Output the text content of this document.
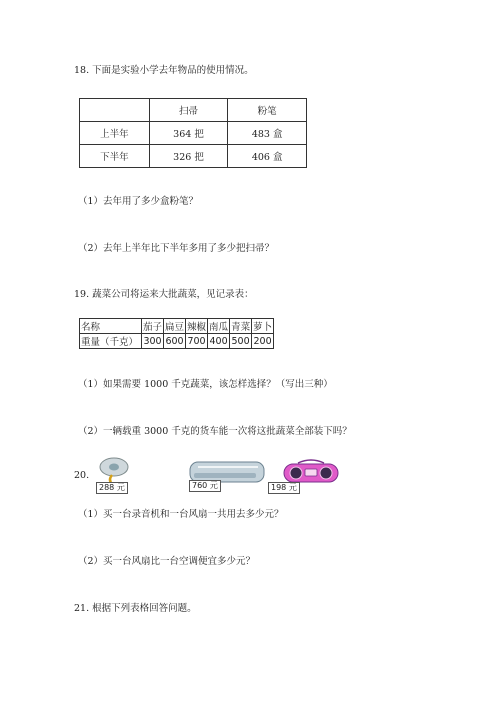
18. 下面是实验小学去年物品的使用情况。
	扫帚	粉笔
上半年	364 把	483 盒
下半年	326 把	406 盒
（1）去年用了多少盒粉笔？
（2）去年上半年比下半年多用了多少把扫帚？
19. 蔬菜公司将运来大批蔬菜，见记录表：
名称	茄子	扁豆	辣椒	南瓜	青菜	萝卜
重量（千克）	300	600	700	400	500	200
（1）如果需要 1000 千克蔬菜，该怎样选择？（写出三种）
（2）一辆载重 3000 千克的货车能一次将这批蔬菜全部装下吗？
20.
288 元	760 元	198 元
（1）买一台录音机和一台风扇一共用去多少元？
（2）买一台风扇比一台空调便宜多少元？
21. 根据下列表格回答问题。
